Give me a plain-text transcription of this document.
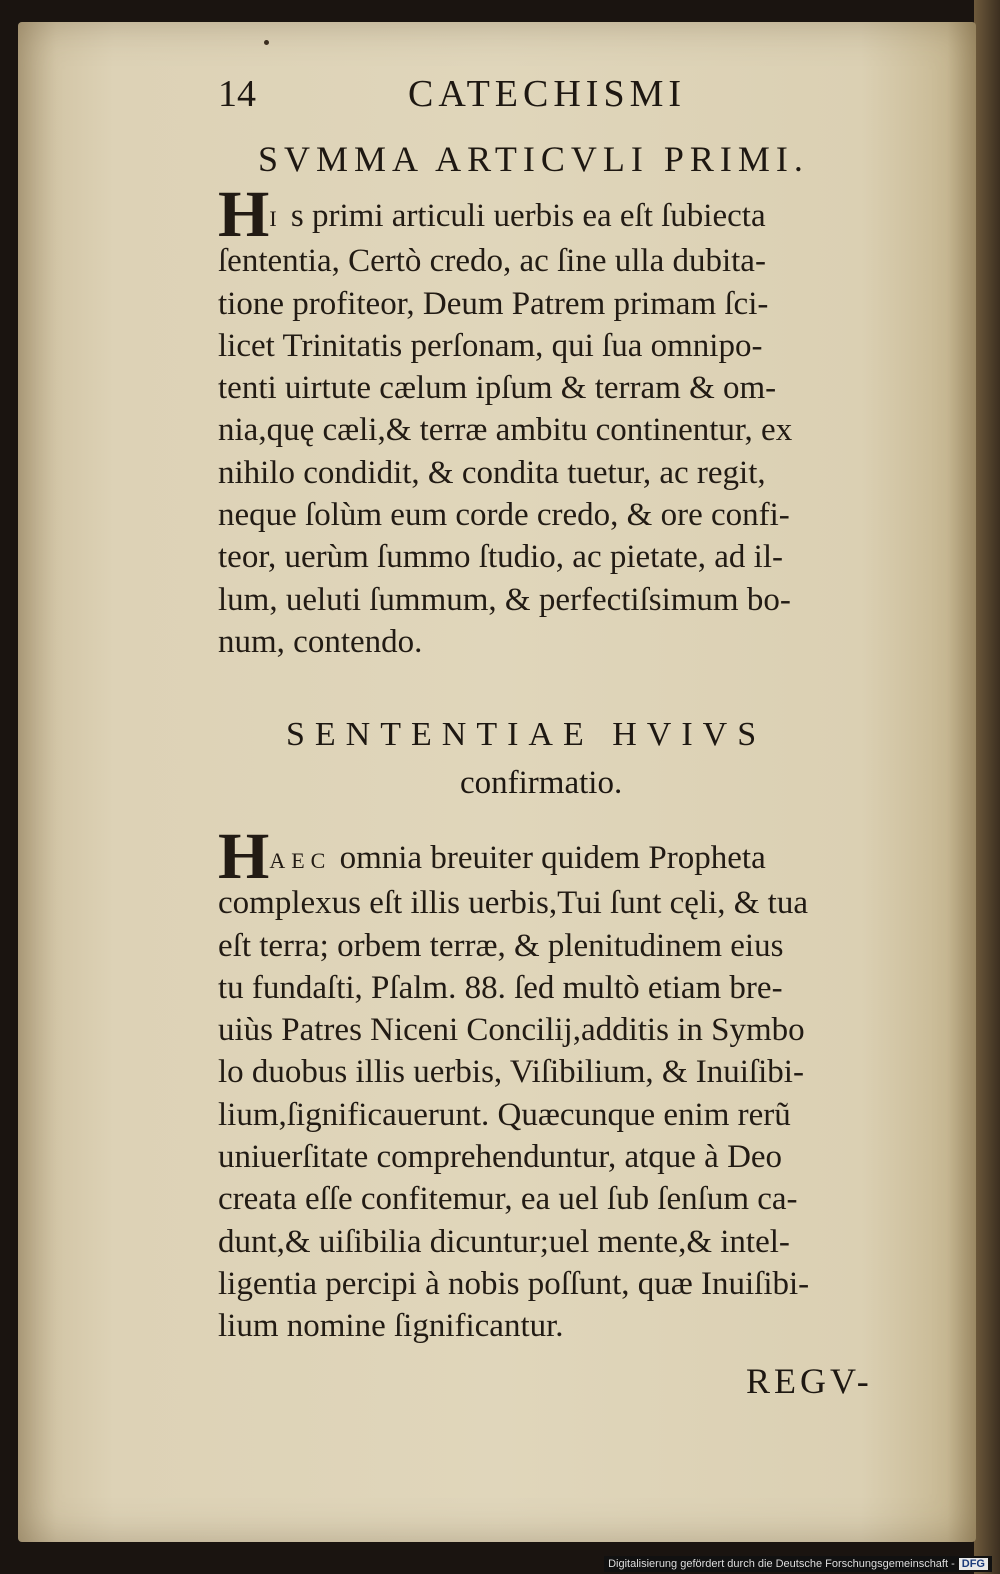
14	CATECHISMI
SVMMA ARTICVLI PRIMI.
HI s primi articuli uerbis ea eſt ſubiecta
ſententia, Certò credo, ac ſine ulla dubita-
tione profiteor, Deum Patrem primam ſci-
licet Trinitatis perſonam, qui ſua omnipo-
tenti uirtute cælum ipſum & terram & om-
nia,quę cæli,& terræ ambitu continentur, ex
nihilo condidit, & condita tuetur, ac regit,
neque ſolùm eum corde credo, & ore confi-
teor, uerùm ſummo ſtudio, ac pietate, ad il-
lum, ueluti ſummum, & perfectiſsimum bo-
num, contendo.
SENTENTIAE HVIVS
confirmatio.
HAEC omnia breuiter quidem Propheta
complexus eſt illis uerbis,Tui ſunt cęli, & tua
eſt terra; orbem terræ, & plenitudinem eius
tu fundaſti, Pſalm. 88. ſed multò etiam bre-
uiùs Patres Niceni Concilij,additis in Symbo
lo duobus illis uerbis, Viſibilium, & Inuiſibi-
lium,ſignificauerunt. Quæcunque enim rerũ
uniuerſitate comprehenduntur, atque à Deo
creata eſſe confitemur, ea uel ſub ſenſum ca-
dunt,& uiſibilia dicuntur;uel mente,& intel-
ligentia percipi à nobis poſſunt, quæ Inuiſibi-
lium nomine ſignificantur.
REGV-
Digitalisierung gefördert durch die Deutsche Forschungsgemeinschaft - DFG
